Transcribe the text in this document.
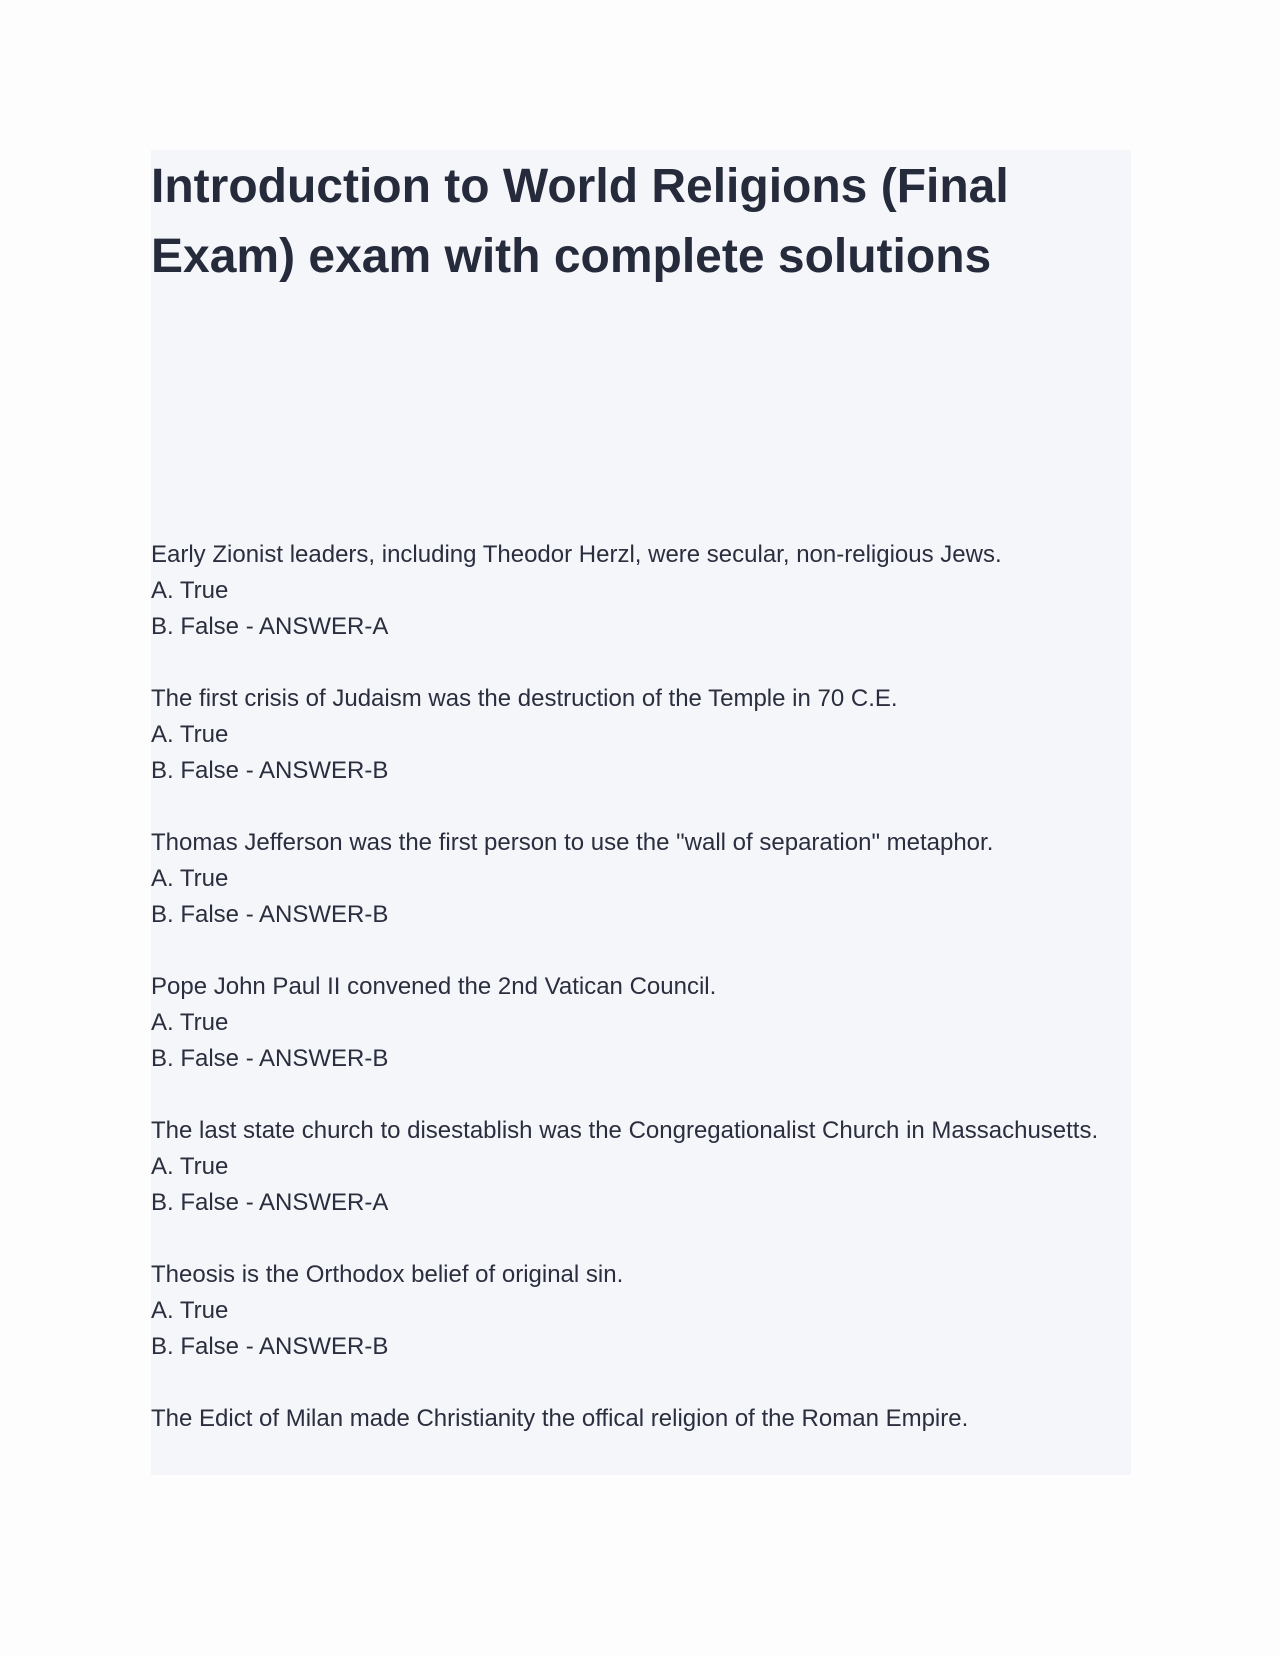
Introduction to World Religions (Final Exam) exam with complete solutions
Early Zionist leaders, including Theodor Herzl, were secular, non-religious Jews.
A. True
B. False - ANSWER-A
The first crisis of Judaism was the destruction of the Temple in 70 C.E.
A. True
B. False - ANSWER-B
Thomas Jefferson was the first person to use the "wall of separation" metaphor.
A. True
B. False - ANSWER-B
Pope John Paul II convened the 2nd Vatican Council.
A. True
B. False - ANSWER-B
The last state church to disestablish was the Congregationalist Church in Massachusetts.
A. True
B. False - ANSWER-A
Theosis is the Orthodox belief of original sin.
A. True
B. False - ANSWER-B
The Edict of Milan made Christianity the offical religion of the Roman Empire.
